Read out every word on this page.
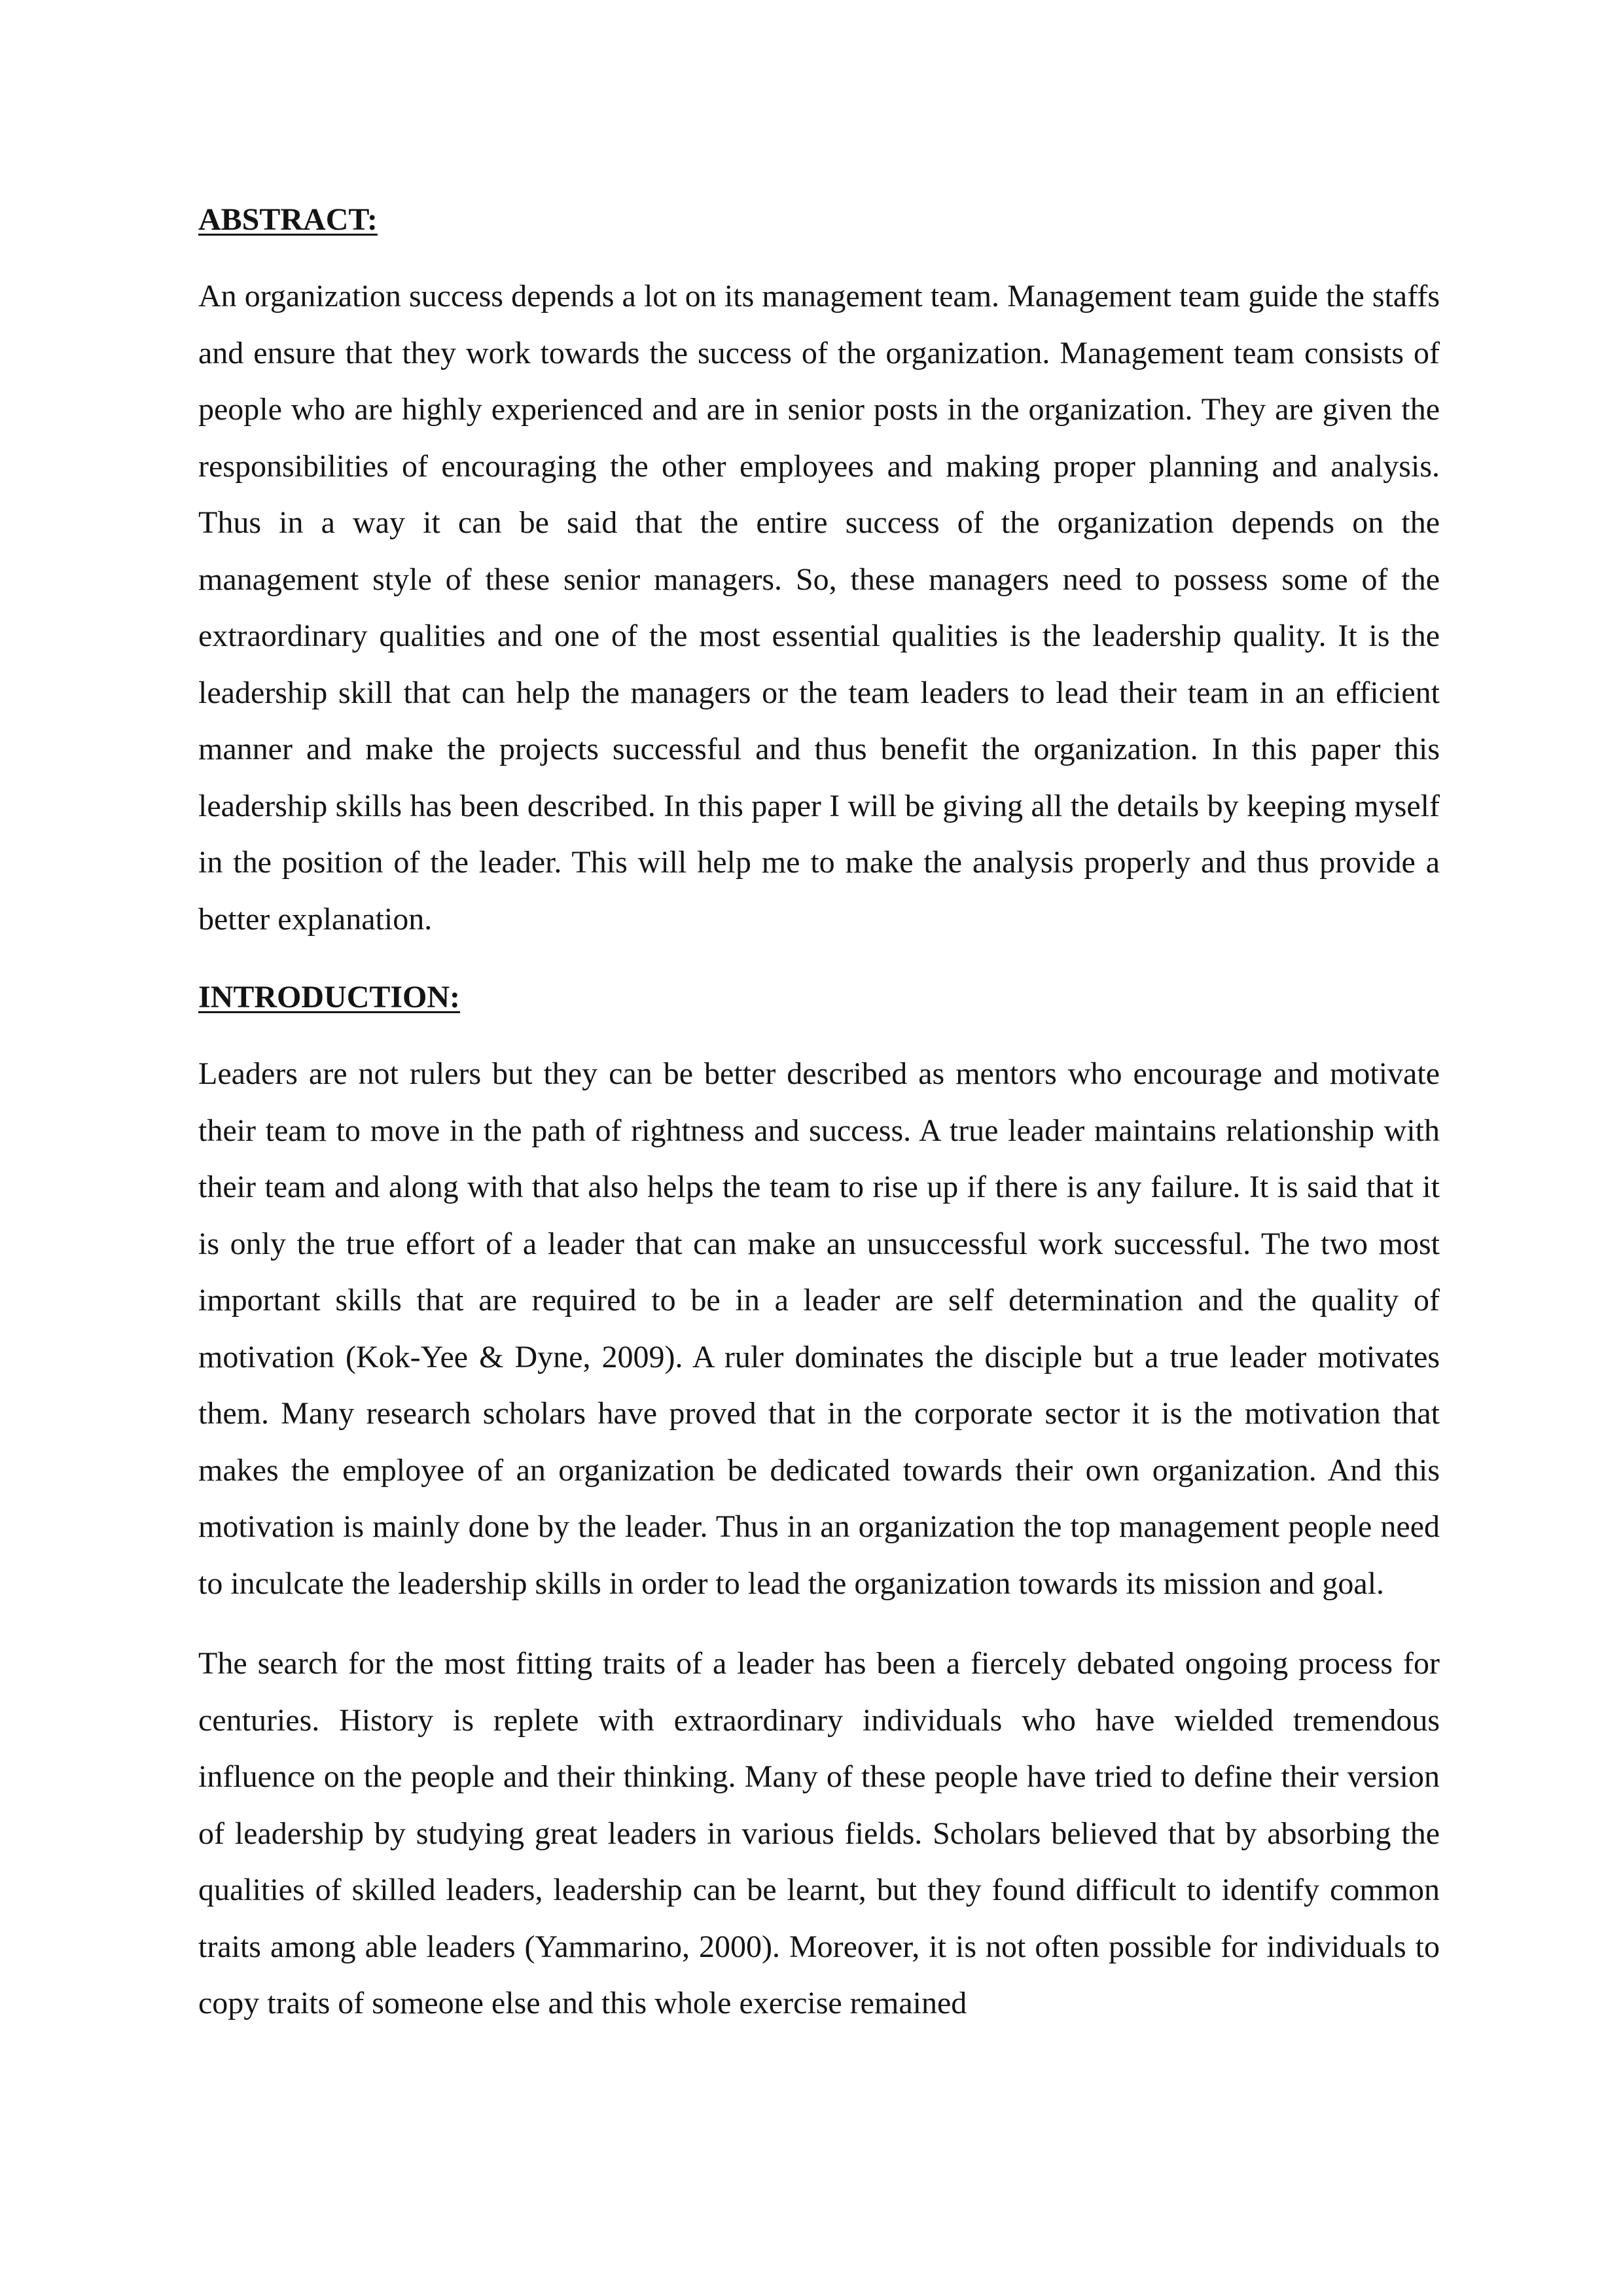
ABSTRACT:

An organization success depends a lot on its management team. Management team guide the staffs and ensure that they work towards the success of the organization. Management team consists of people who are highly experienced and are in senior posts in the organization. They are given the responsibilities of encouraging the other employees and making proper planning and analysis. Thus in a way it can be said that the entire success of the organization depends on the management style of these senior managers. So, these managers need to possess some of the extraordinary qualities and one of the most essential qualities is the leadership quality. It is the leadership skill that can help the managers or the team leaders to lead their team in an efficient manner and make the projects successful and thus benefit the organization. In this paper this leadership skills has been described. In this paper I will be giving all the details by keeping myself in the position of the leader. This will help me to make the analysis properly and thus provide a better explanation.

INTRODUCTION:

Leaders are not rulers but they can be better described as mentors who encourage and motivate their team to move in the path of rightness and success. A true leader maintains relationship with their team and along with that also helps the team to rise up if there is any failure. It is said that it is only the true effort of a leader that can make an unsuccessful work successful. The two most important skills that are required to be in a leader are self determination and the quality of motivation (Kok-Yee & Dyne, 2009). A ruler dominates the disciple but a true leader motivates them. Many research scholars have proved that in the corporate sector it is the motivation that makes the employee of an organization be dedicated towards their own organization. And this motivation is mainly done by the leader. Thus in an organization the top management people need to inculcate the leadership skills in order to lead the organization towards its mission and goal.

The search for the most fitting traits of a leader has been a fiercely debated ongoing process for centuries. History is replete with extraordinary individuals who have wielded tremendous influence on the people and their thinking. Many of these people have tried to define their version of leadership by studying great leaders in various fields. Scholars believed that by absorbing the qualities of skilled leaders, leadership can be learnt, but they found difficult to identify common traits among able leaders (Yammarino, 2000). Moreover, it is not often possible for individuals to copy traits of someone else and this whole exercise remained
